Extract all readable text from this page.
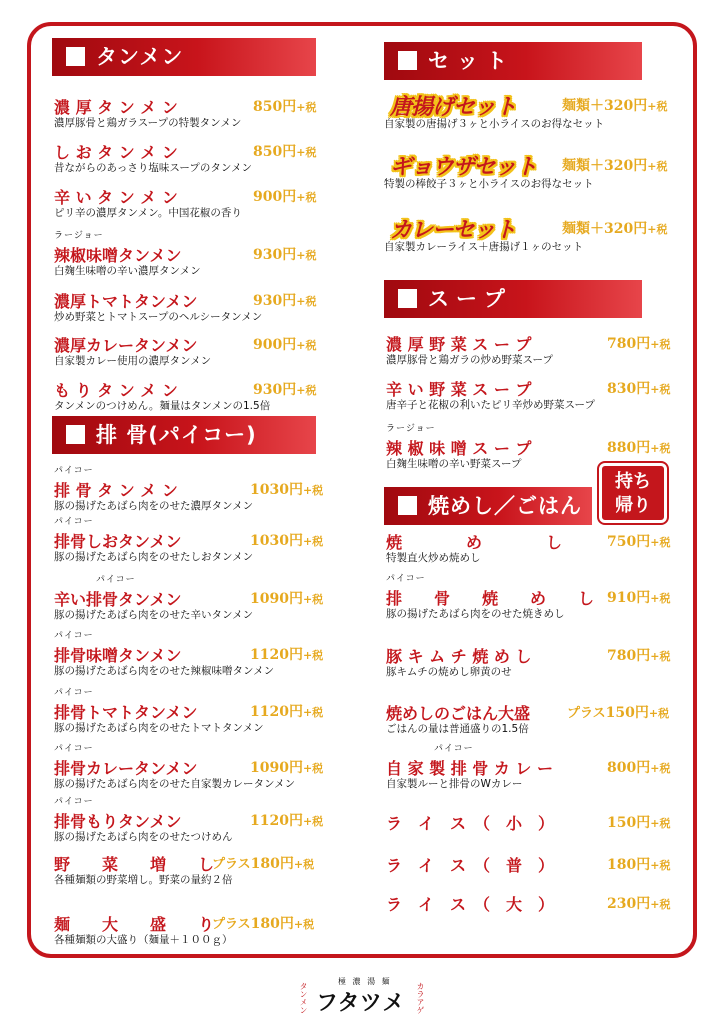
タンメン
濃 厚 タ ン メ ン	850円+税
濃厚豚骨と鶏ガラスープの特製タンメン
し お タ ン メ ン	850円+税
昔ながらのあっさり塩味スープのタンメン
辛 い タ ン メ ン	900円+税
ピリ辛の濃厚タンメン。中国花椒の香り
ラージョー
辣椒味噌タンメン	930円+税
白麹生味噌の辛い濃厚タンメン
濃厚トマトタンメン	930円+税
炒め野菜とトマトスープのヘルシータンメン
濃厚カレータンメン	900円+税
自家製カレー使用の濃厚タンメン
も り タ ン メ ン	930円+税
タンメンのつけめん。麺量はタンメンの1.5倍
排 骨(パイコー)
パイコー
排 骨 タ ン メ ン	1030円+税
豚の揚げたあばら肉をのせた濃厚タンメン
パイコー
排骨しおタンメン	1030円+税
豚の揚げたあばら肉をのせたしおタンメン
パイコー
辛い排骨タンメン	1090円+税
豚の揚げたあばら肉をのせた辛いタンメン
パイコー
排骨味噌タンメン	1120円+税
豚の揚げたあばら肉をのせた辣椒味噌タンメン
パイコー
排骨トマトタンメン	1120円+税
豚の揚げたあばら肉をのせたトマトタンメン
パイコー
排骨カレータンメン	1090円+税
豚の揚げたあばら肉をのせた自家製カレータンメン
パイコー
排骨もりタンメン	1120円+税
豚の揚げたあばら肉をのせたつけめん
野　　菜　　増　　し
プラス180円+税
各種麺類の野菜増し。野菜の量約２倍
麺　　大　　盛　　り
プラス180円+税
各種麺類の大盛り（麺量＋１００ｇ）
セット
唐揚げセット	麺類＋320円+税
自家製の唐揚げ３ヶと小ライスのお得なセット
ギョウザセット 麺類＋320円+税
特製の棒餃子３ヶと小ライスのお得なセット
カレーセット	麺類＋320円+税
自家製カレーライス＋唐揚げ１ヶのセット
スープ
濃 厚 野 菜 ス ー プ	780円+税
濃厚豚骨と鶏ガラの炒め野菜スープ
辛 い 野 菜 ス ー プ	830円+税
唐辛子と花椒の利いたピリ辛炒め野菜スープ
ラージョー
辣 椒 味 噌 ス ー プ	880円+税
白麹生味噌の辛い野菜スープ
焼めし／ごはん
持ち
帰り
焼　　　　め　　　　し	750円+税
特製直火炒め焼めし
パイコー
排　　骨　　焼　　め　　し 910円+税
豚の揚げたあばら肉をのせた焼きめし
豚 キ ム チ 焼 め し	780円+税
豚キムチの焼めし卵黄のせ
焼めしのごはん大盛	プラス150円+税
ごはんの量は普通盛りの1.5倍
パイコー
自 家 製 排 骨 カ レ ー	800円+税
自家製ルーと排骨のWカレー
ラ　イ　ス　（　小　）	150円+税
ラ　イ　ス　（　普　）	180円+税
ラ　イ　ス　（　大　）	230円+税
タンメン
極 濃 湯 麺
フタツメ カラアゲ
